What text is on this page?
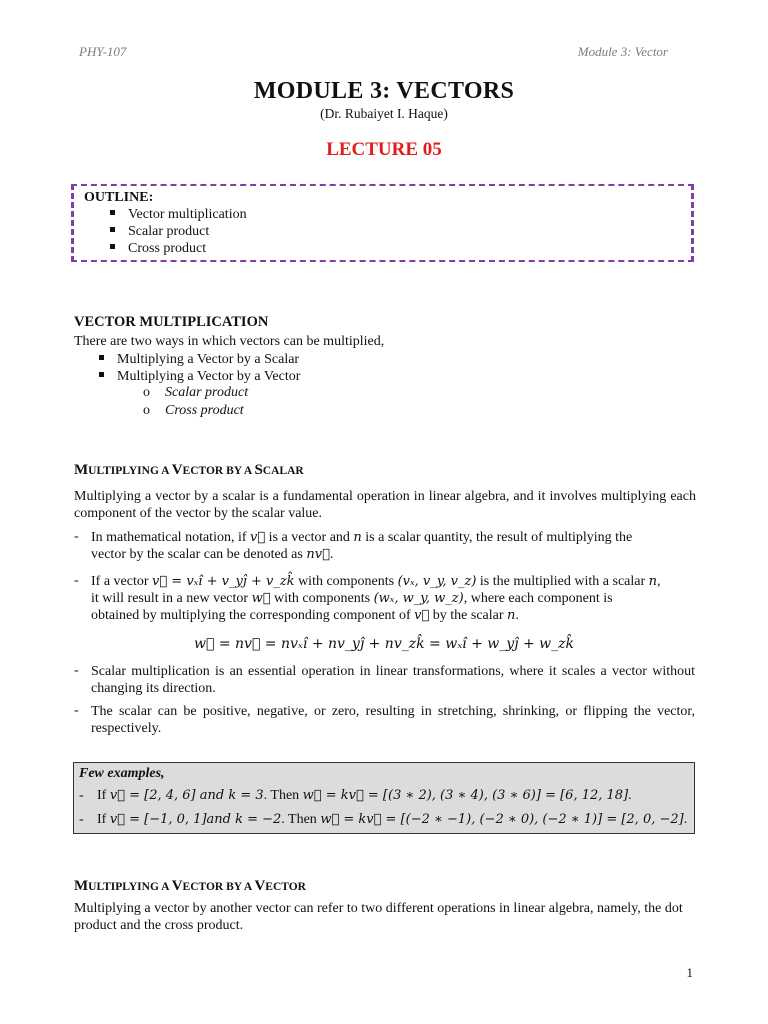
PHY-107	Module 3: Vector
MODULE 3: VECTORS
(Dr. Rubaiyet I. Haque)
LECTURE 05
OUTLINE:
Vector multiplication
Scalar product
Cross product
VECTOR MULTIPLICATION
There are two ways in which vectors can be multiplied,
Multiplying a Vector by a Scalar
Multiplying a Vector by a Vector
o Scalar product
o Cross product
MULTIPLYING A VECTOR BY A SCALAR
Multiplying a vector by a scalar is a fundamental operation in linear algebra, and it involves multiplying each component of the vector by the scalar value.
- In mathematical notation, if v⃗ is a vector and n is a scalar quantity, the result of multiplying the
vector by the scalar can be denoted as nv⃗.
- If a vector v⃗ = vₓî + v_yĵ + v_zk̂ with components (vₓ, v_y, v_z) is the multiplied with a scalar n,
it will result in a new vector w⃗ with components (wₓ, w_y, w_z), where each component is
obtained by multiplying the corresponding component of v⃗ by the scalar n.
w⃗ = nv⃗ = nvₓî + nv_yĵ + nv_zk̂ = wₓî + w_yĵ + w_zk̂
- Scalar multiplication is an essential operation in linear transformations, where it scales a vector without changing its direction.
- The scalar can be positive, negative, or zero, resulting in stretching, shrinking, or flipping the vector, respectively.
Few examples,
- If v⃗ = [2, 4, 6] and k = 3. Then w⃗ = kv⃗ = [(3 ∗ 2), (3 ∗ 4), (3 ∗ 6)] = [6, 12, 18].
- If v⃗ = [−1, 0, 1]and k = −2. Then w⃗ = kv⃗ = [(−2 ∗ −1), (−2 ∗ 0), (−2 ∗ 1)] = [2, 0, −2].
MULTIPLYING A VECTOR BY A VECTOR
Multiplying a vector by another vector can refer to two different operations in linear algebra, namely, the dot product and the cross product.
1
